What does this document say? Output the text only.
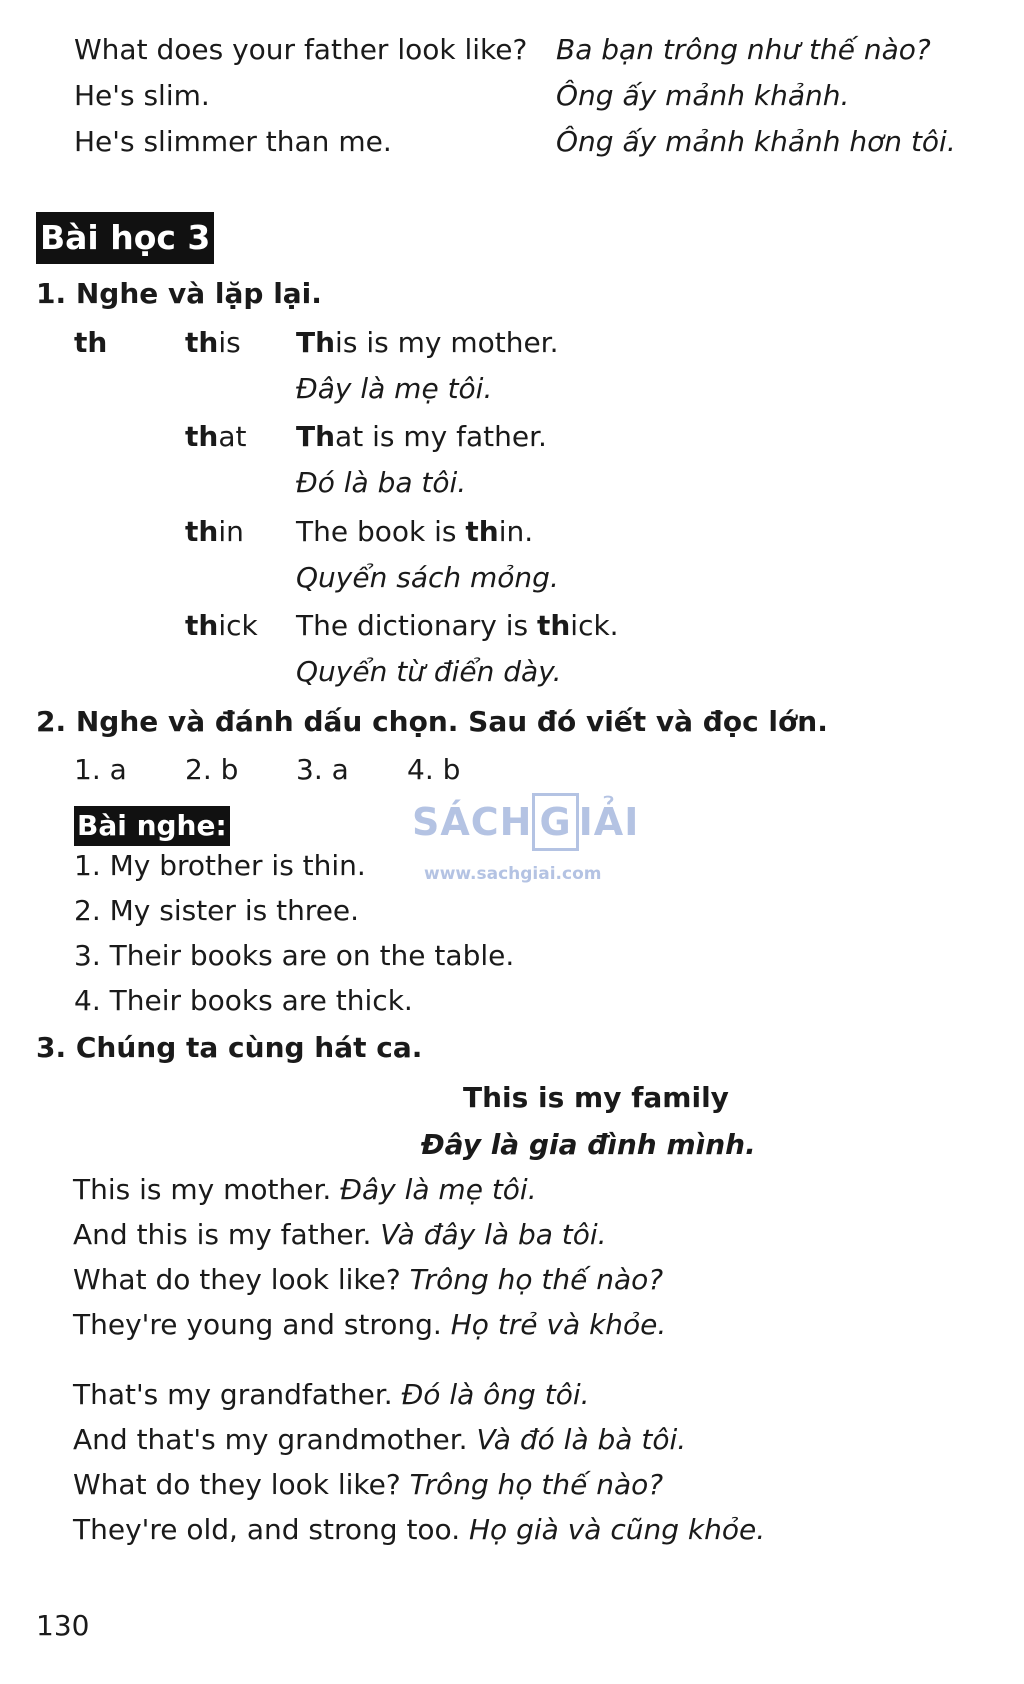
What does your father look like? Ba bạn trông như thế nào?
He's slim.	Ông ấy mảnh khảnh.
He's slimmer than me.	Ông ấy mảnh khảnh hơn tôi.
Bài học 3
1. Nghe và lặp lại.
th	this This is my mother.
Đây là mẹ tôi.
that That is my father.
Đó là ba tôi.
thin The book is thin.
Quyển sách mỏng.
thick The dictionary is thick.
Quyển từ điển dày.
2. Nghe và đánh dấu chọn. Sau đó viết và đọc lớn.
1. a 2. b 3. a 4. b
Bài nghe:	SÁCH G IẢI
www.sachgiai.com
1. My brother is thin.
2. My sister is three.
3. Their books are on the table.
4. Their books are thick.
3. Chúng ta cùng hát ca.
This is my family
Đây là gia đình mình.
This is my mother. Đây là mẹ tôi.
And this is my father. Và đây là ba tôi.
What do they look like? Trông họ thế nào?
They're young and strong. Họ trẻ và khỏe.
That's my grandfather. Đó là ông tôi.
And that's my grandmother. Và đó là bà tôi.
What do they look like? Trông họ thế nào?
They're old, and strong too. Họ già và cũng khỏe.
130
